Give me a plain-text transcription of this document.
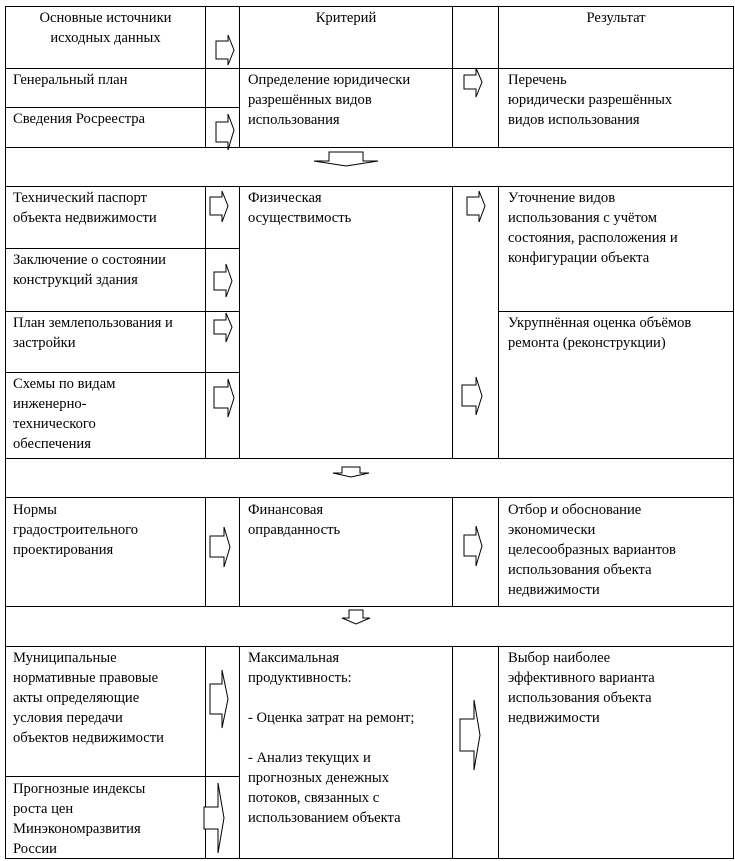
Основные источники
исходных данных
Критерий	Результат
Генеральный план
Сведения Росреестра
Определение юридически
разрешённых видов
использования
Перечень
юридически разрешённых
видов использования
Технический паспорт
объекта недвижимости
Заключение о состоянии
конструкций здания
Физическая
осуществимость
Уточнение видов
использования с учётом
состояния, расположения и
конфигурации объекта
План землепользования и
застройки
Схемы по видам
инженерно-
технического
обеспечения
Укрупнённая оценка объёмов
ремонта (реконструкции)
Нормы
градостроительного
проектирования
Финансовая
оправданность
Отбор и обоснование
экономически
целесообразных вариантов
использования объекта
недвижимости
Муниципальные
нормативные правовые
акты определяющие
условия передачи
объектов недвижимости
Прогнозные индексы
роста цен
Минэкономразвития
России
Максимальная
продуктивность:

- Оценка затрат на ремонт;

- Анализ текущих и
прогнозных денежных
потоков, связанных с
использованием объекта
Выбор наиболее
эффективного варианта
использования объекта
недвижимости
